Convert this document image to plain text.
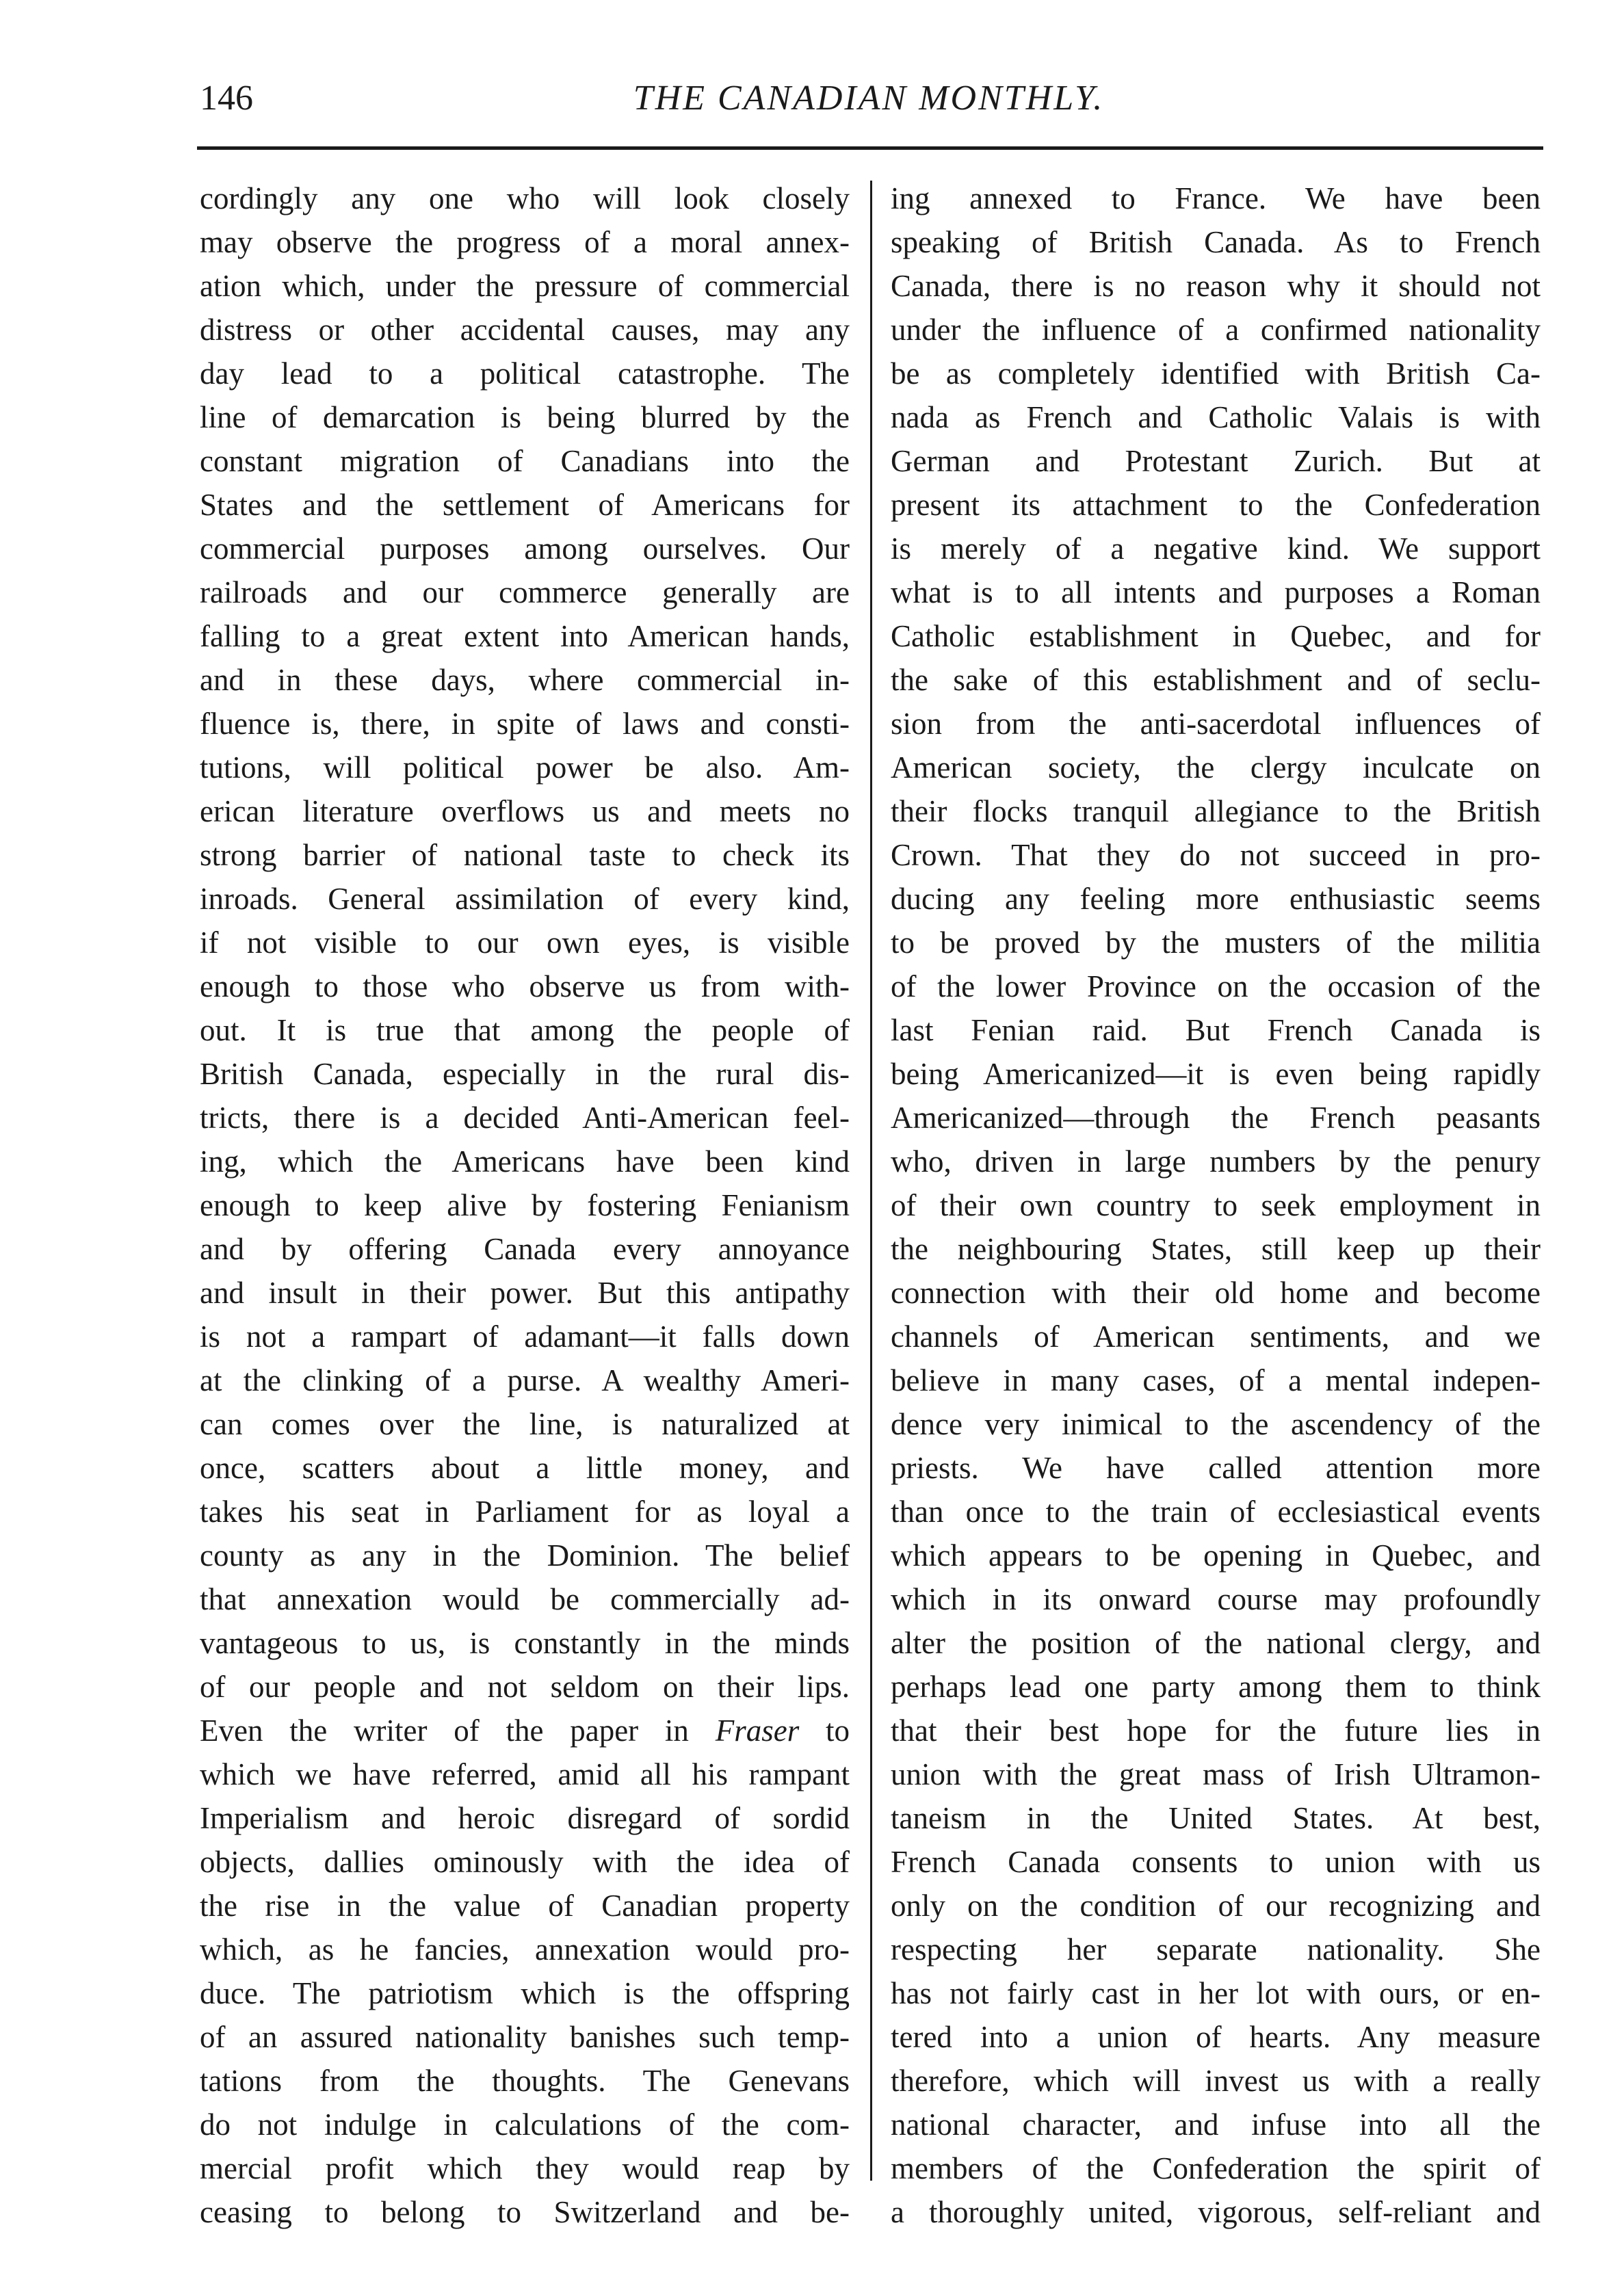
146	THE CANADIAN MONTHLY.
cordingly any one who will look closely
may observe the progress of a moral annex-
ation which, under the pressure of commercial
distress or other accidental causes, may any
day lead to a political catastrophe. The
line of demarcation is being blurred by the
constant migration of Canadians into the
States and the settlement of Americans for
commercial purposes among ourselves. Our
railroads and our commerce generally are
falling to a great extent into American hands,
and in these days, where commercial in-
fluence is, there, in spite of laws and consti-
tutions, will political power be also. Am-
erican literature overflows us and meets no
strong barrier of national taste to check its
inroads. General assimilation of every kind,
if not visible to our own eyes, is visible
enough to those who observe us from with-
out. It is true that among the people of
British Canada, especially in the rural dis-
tricts, there is a decided Anti-American feel-
ing, which the Americans have been kind
enough to keep alive by fostering Fenianism
and by offering Canada every annoyance
and insult in their power. But this antipathy
is not a rampart of adamant—it falls down
at the clinking of a purse. A wealthy Ameri-
can comes over the line, is naturalized at
once, scatters about a little money, and
takes his seat in Parliament for as loyal a
county as any in the Dominion. The belief
that annexation would be commercially ad-
vantageous to us, is constantly in the minds
of our people and not seldom on their lips.
Even the writer of the paper in Fraser to
which we have referred, amid all his rampant
Imperialism and heroic disregard of sordid
objects, dallies ominously with the idea of
the rise in the value of Canadian property
which, as he fancies, annexation would pro-
duce. The patriotism which is the offspring
of an assured nationality banishes such temp-
tations from the thoughts. The Genevans
do not indulge in calculations of the com-
mercial profit which they would reap by
ceasing to belong to Switzerland and be-
ing annexed to France. We have been
speaking of British Canada. As to French
Canada, there is no reason why it should not
under the influence of a confirmed nationality
be as completely identified with British Ca-
nada as French and Catholic Valais is with
German and Protestant Zurich. But at
present its attachment to the Confederation
is merely of a negative kind. We support
what is to all intents and purposes a Roman
Catholic establishment in Quebec, and for
the sake of this establishment and of seclu-
sion from the anti-sacerdotal influences of
American society, the clergy inculcate on
their flocks tranquil allegiance to the British
Crown. That they do not succeed in pro-
ducing any feeling more enthusiastic seems
to be proved by the musters of the militia
of the lower Province on the occasion of the
last Fenian raid. But French Canada is
being Americanized—it is even being rapidly
Americanized—through the French peasants
who, driven in large numbers by the penury
of their own country to seek employment in
the neighbouring States, still keep up their
connection with their old home and become
channels of American sentiments, and we
believe in many cases, of a mental indepen-
dence very inimical to the ascendency of the
priests. We have called attention more
than once to the train of ecclesiastical events
which appears to be opening in Quebec, and
which in its onward course may profoundly
alter the position of the national clergy, and
perhaps lead one party among them to think
that their best hope for the future lies in
union with the great mass of Irish Ultramon-
taneism in the United States. At best,
French Canada consents to union with us
only on the condition of our recognizing and
respecting her separate nationality. She
has not fairly cast in her lot with ours, or en-
tered into a union of hearts. Any measure
therefore, which will invest us with a really
national character, and infuse into all the
members of the Confederation the spirit of
a thoroughly united, vigorous, self-reliant and
